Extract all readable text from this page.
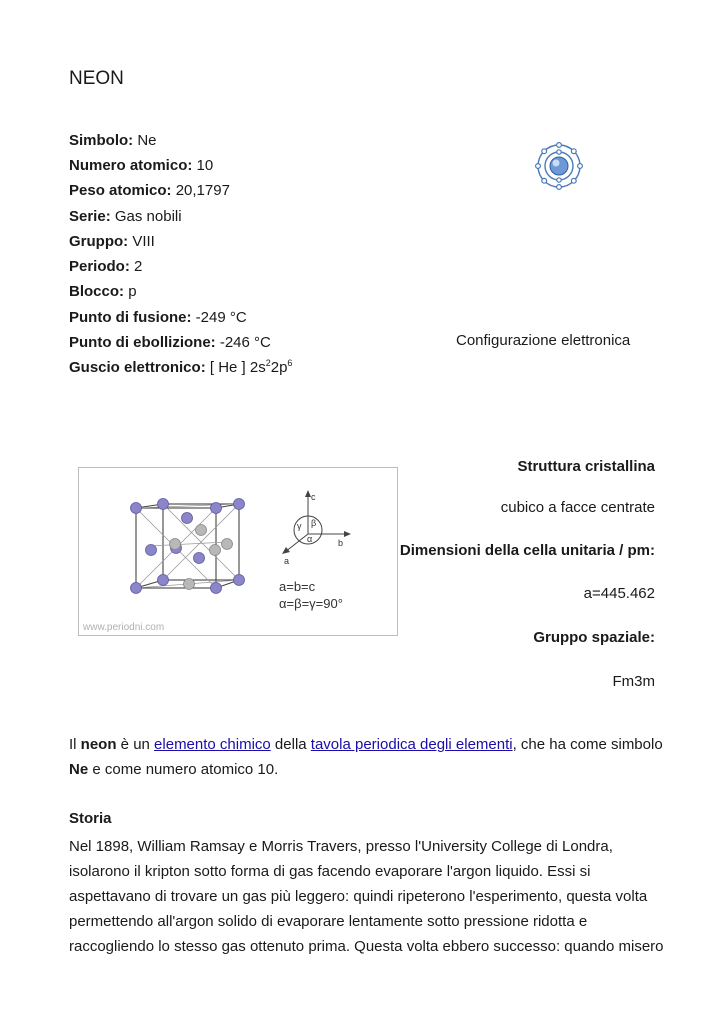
NEON
Simbolo: Ne
Numero atomico: 10
Peso atomico: 20,1797
Serie: Gas nobili
Gruppo: VIII
Periodo: 2
Blocco: p
Punto di fusione: -249 °C
Punto di ebollizione: -246 °C
Guscio elettronico: [ He ] $2s^22p^6$
Configurazione elettronica
c
b
a
γ β
α
a=b=c
α=β=γ=90°
www.periodni.com
Struttura cristallina
cubico a facce centrate
Dimensioni della cella unitaria / pm:
a=445.462
Gruppo spaziale:
Fm3m
Il neon è un elemento chimico della tavola periodica degli elementi, che ha come simbolo
Ne e come numero atomico 10.
Storia
Nel 1898, William Ramsay e Morris Travers, presso l'University College di Londra, isolarono il kripton sotto forma di gas facendo evaporare l'argon liquido. Essi si aspettavano di trovare un gas più leggero: quindi ripeterono l'esperimento, questa volta permettendo all'argon solido di evaporare lentamente sotto pressione ridotta e raccogliendo lo stesso gas ottenuto prima. Questa volta ebbero successo: quando misero
